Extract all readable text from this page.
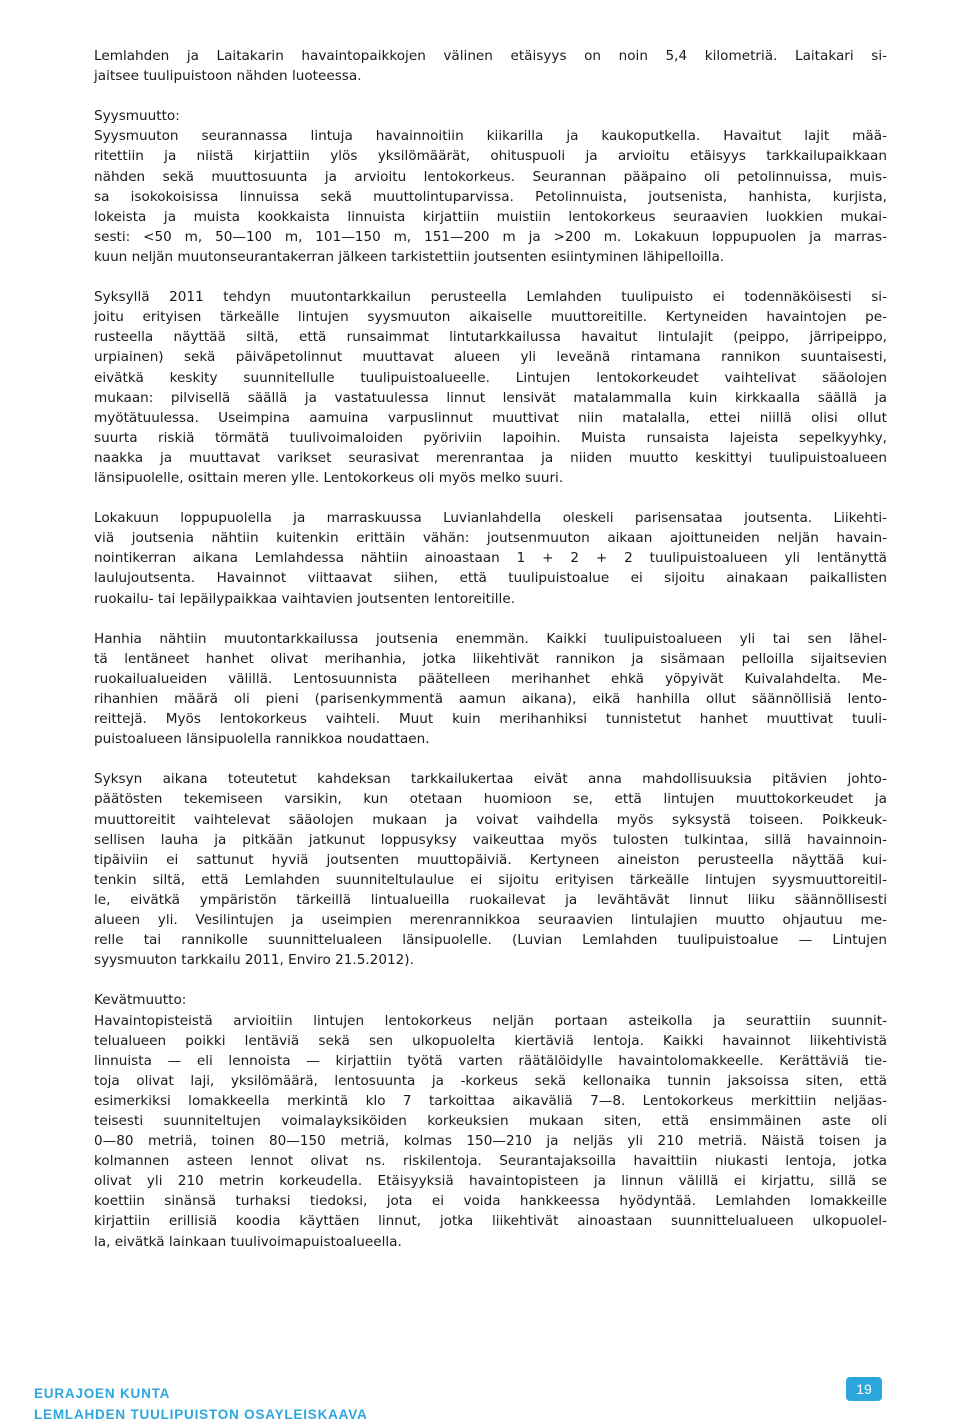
Lemlahden ja Laitakarin havaintopaikkojen välinen etäisyys on noin 5,4 kilometriä. Laitakari si-
jaitsee tuulipuistoon nähden luoteessa.
Syysmuutto:
Syysmuuton seurannassa lintuja havainnoitiin kiikarilla ja kaukoputkella. Havaitut lajit mää-
ritettiin ja niistä kirjattiin ylös yksilömäärät, ohituspuoli ja arvioitu etäisyys tarkkailupaikkaan
nähden sekä muuttosuunta ja arvioitu lentokorkeus. Seurannan pääpaino oli petolinnuissa, muis-
sa isokokoisissa linnuissa sekä muuttolintuparvissa. Petolinnuista, joutsenista, hanhista, kurjista,
lokeista ja muista kookkaista linnuista kirjattiin muistiin lentokorkeus seuraavien luokkien mukai-
sesti: <50 m, 50—100 m, 101—150 m, 151—200 m ja >200 m. Lokakuun loppupuolen ja marras-
kuun neljän muutonseurantakerran jälkeen tarkistettiin joutsenten esiintyminen lähipelloilla.
Syksyllä 2011 tehdyn muutontarkkailun perusteella Lemlahden tuulipuisto ei todennäköisesti si-
joitu erityisen tärkeälle lintujen syysmuuton aikaiselle muuttoreitille. Kertyneiden havaintojen pe-
rusteella näyttää siltä, että runsaimmat lintutarkkailussa havaitut lintulajit (peippo, järripeippo,
urpiainen) sekä päiväpetolinnut muuttavat alueen yli leveänä rintamana rannikon suuntaisesti,
eivätkä keskity suunnitellulle tuulipuistoalueelle. Lintujen lentokorkeudet vaihtelivat sääolojen
mukaan: pilvisellä säällä ja vastatuulessa linnut lensivät matalammalla kuin kirkkaalla säällä ja
myötätuulessa. Useimpina aamuina varpuslinnut muuttivat niin matalalla, ettei niillä olisi ollut
suurta riskiä törmätä tuulivoimaloiden pyöriviin lapoihin. Muista runsaista lajeista sepelkyyhky,
naakka ja muuttavat varikset seurasivat merenrantaa ja niiden muutto keskittyi tuulipuistoalueen
länsipuolelle, osittain meren ylle. Lentokorkeus oli myös melko suuri.
Lokakuun loppupuolella ja marraskuussa Luvianlahdella oleskeli parisensataa joutsenta. Liikehti-
viä joutsenia nähtiin kuitenkin erittäin vähän: joutsenmuuton aikaan ajoittuneiden neljän havain-
nointikerran aikana Lemlahdessa nähtiin ainoastaan 1 + 2 + 2 tuulipuistoalueen yli lentänyttä
laulujoutsenta. Havainnot viittaavat siihen, että tuulipuistoalue ei sijoitu ainakaan paikallisten
ruokailu- tai lepäilypaikkaa vaihtavien joutsenten lentoreitille.
Hanhia nähtiin muutontarkkailussa joutsenia enemmän. Kaikki tuulipuistoalueen yli tai sen lähel-
tä lentäneet hanhet olivat merihanhia, jotka liikehtivät rannikon ja sisämaan pelloilla sijaitsevien
ruokailualueiden välillä. Lentosuunnista päätelleen merihanhet ehkä yöpyivät Kuivalahdelta. Me-
rihanhien määrä oli pieni (parisenkymmentä aamun aikana), eikä hanhilla ollut säännöllisiä lento-
reittejä. Myös lentokorkeus vaihteli. Muut kuin merihanhiksi tunnistetut hanhet muuttivat tuuli-
puistoalueen länsipuolella rannikkoa noudattaen.
Syksyn aikana toteutetut kahdeksan tarkkailukertaa eivät anna mahdollisuuksia pitävien johto-
päätösten tekemiseen varsikin, kun otetaan huomioon se, että lintujen muuttokorkeudet ja
muuttoreitit vaihtelevat sääolojen mukaan ja voivat vaihdella myös syksystä toiseen. Poikkeuk-
sellisen lauha ja pitkään jatkunut loppusyksy vaikeuttaa myös tulosten tulkintaa, sillä havainnoin-
tipäiviin ei sattunut hyviä joutsenten muuttopäiviä. Kertyneen aineiston perusteella näyttää kui-
tenkin siltä, että Lemlahden suunniteltulaulue ei sijoitu erityisen tärkeälle lintujen syysmuuttoreitil-
le, eivätkä ympäristön tärkeillä lintualueilla ruokailevat ja levähtävät linnut liiku säännöllisesti
alueen yli. Vesilintujen ja useimpien merenrannikkoa seuraavien lintulajien muutto ohjautuu me-
relle tai rannikolle suunnittelualeen länsipuolelle. (Luvian Lemlahden tuulipuistoalue — Lintujen
syysmuuton tarkkailu 2011, Enviro 21.5.2012).
Kevätmuutto:
Havaintopisteistä arvioitiin lintujen lentokorkeus neljän portaan asteikolla ja seurattiin suunnit-
telualueen poikki lentäviä sekä sen ulkopuolelta kiertäviä lentoja. Kaikki havainnot liikehtivistä
linnuista — eli lennoista — kirjattiin työtä varten räätälöidylle havaintolomakkeelle. Kerättäviä tie-
toja olivat laji, yksilömäärä, lentosuunta ja -korkeus sekä kellonaika tunnin jaksoissa siten, että
esimerkiksi lomakkeella merkintä klo 7 tarkoittaa aikaväliä 7—8. Lentokorkeus merkittiin neljäas-
teisesti suunniteltujen voimalayksiköiden korkeuksien mukaan siten, että ensimmäinen aste oli
0—80 metriä, toinen 80—150 metriä, kolmas 150—210 ja neljäs yli 210 metriä. Näistä toisen ja
kolmannen asteen lennot olivat ns. riskilentoja. Seurantajaksoilla havaittiin niukasti lentoja, jotka
olivat yli 210 metrin korkeudella. Etäisyyksiä havaintopisteen ja linnun välillä ei kirjattu, sillä se
koettiin sinänsä turhaksi tiedoksi, jota ei voida hankkeessa hyödyntää. Lemlahden lomakkeille
kirjattiin erillisiä koodia käyttäen linnut, jotka liikehtivät ainoastaan suunnittelualueen ulkopuolel-
la, eivätkä lainkaan tuulivoimapuistoalueella.
EURAJOEN KUNTA
LEMLAHDEN TUULIPUISTON OSAYLEISKAAVA
19
